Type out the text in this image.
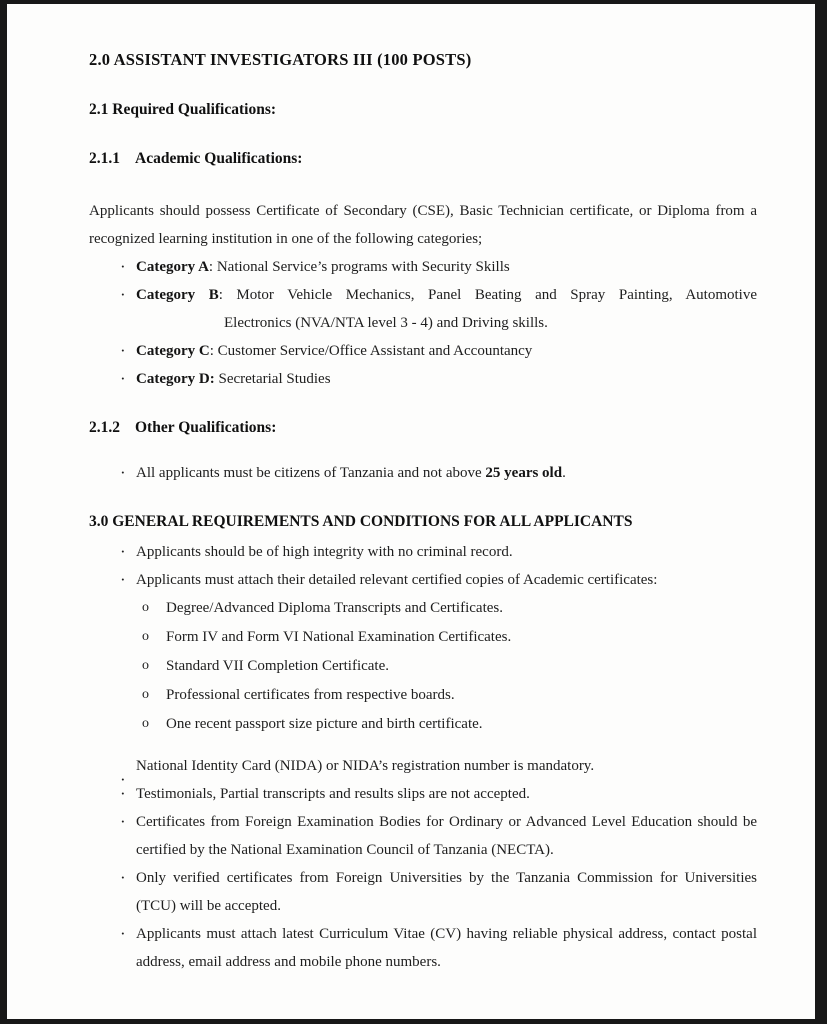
2.0 ASSISTANT INVESTIGATORS III (100 POSTS)
2.1 Required Qualifications:
2.1.1 Academic Qualifications:
Applicants should possess Certificate of Secondary (CSE), Basic Technician certificate, or Diploma from a recognized learning institution in one of the following categories;
· Category A: National Service’s programs with Security Skills
· Category B: Motor Vehicle Mechanics, Panel Beating and Spray Painting, Automotive
Electronics (NVA/NTA level 3 - 4) and Driving skills.
· Category C: Customer Service/Office Assistant and Accountancy
· Category D: Secretarial Studies
2.1.2 Other Qualifications:
· All applicants must be citizens of Tanzania and not above 25 years old.
3.0 GENERAL REQUIREMENTS AND CONDITIONS FOR ALL APPLICANTS
· Applicants should be of high integrity with no criminal record.
· Applicants must attach their detailed relevant certified copies of Academic certificates:
o Degree/Advanced Diploma Transcripts and Certificates.
o Form IV and Form VI National Examination Certificates.
o Standard VII Completion Certificate.
o Professional certificates from respective boards.
o One recent passport size picture and birth certificate.
·
National Identity Card (NIDA) or NIDA’s registration number is mandatory.
· Testimonials, Partial transcripts and results slips are not accepted.
· Certificates from Foreign Examination Bodies for Ordinary or Advanced Level Education should be certified by the National Examination Council of Tanzania (NECTA).
· Only verified certificates from Foreign Universities by the Tanzania Commission for Universities (TCU) will be accepted.
· Applicants must attach latest Curriculum Vitae (CV) having reliable physical address, contact postal address, email address and mobile phone numbers.
